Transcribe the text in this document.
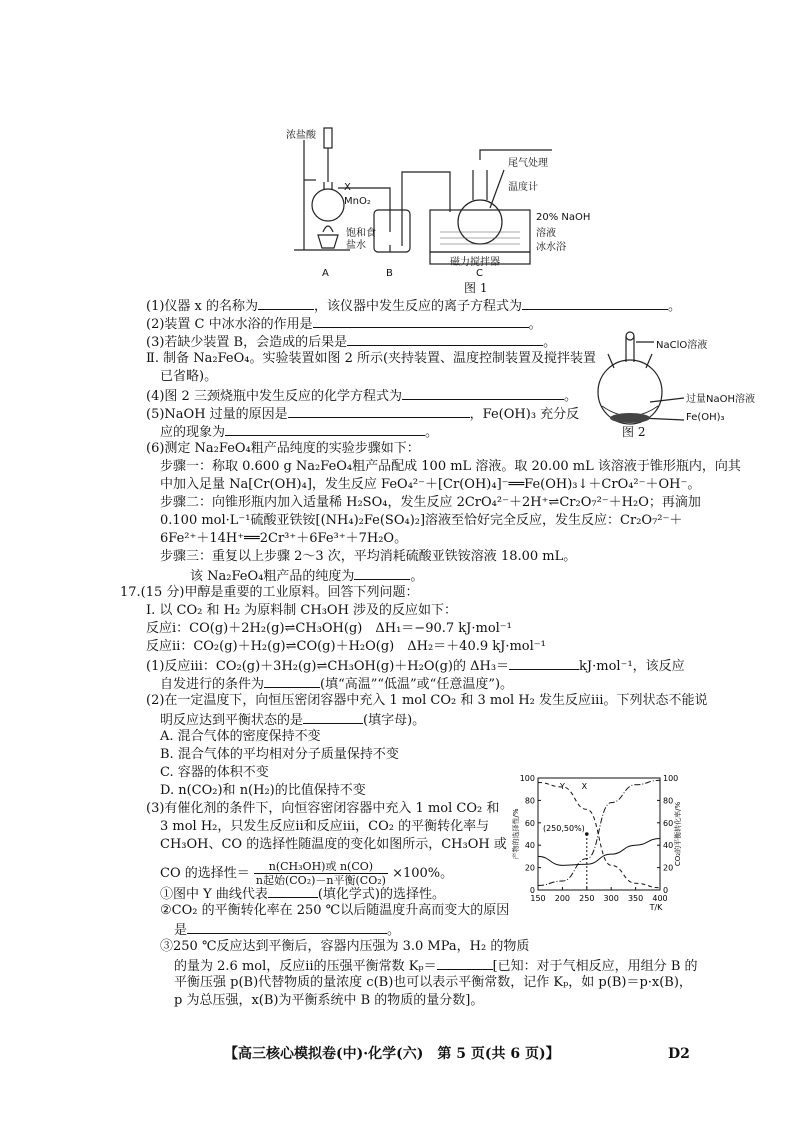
浓盐酸
X
MnO₂
尾气处理
温度计
20% NaOH
溶液
冰水浴
饱和食
盐水
磁力搅拌器
A	B	C
图 1
(1)仪器 x 的名称为	，该仪器中发生反应的离子方程式为	。
(2)装置 C 中冰水浴的作用是	。
(3)若缺少装置 B，会造成的后果是	。
Ⅱ. 制备 Na₂FeO₄。实验装置如图 2 所示(夹持装置、温度控制装置及搅拌装置
已省略)。
NaClO溶液
过量NaOH溶液
Fe(OH)₃
图 2
(4)图 2 三颈烧瓶中发生反应的化学方程式为	。
(5)NaOH 过量的原因是	，Fe(OH)₃ 充分反
应的现象为	。
(6)测定 Na₂FeO₄粗产品纯度的实验步骤如下：
步骤一：称取 0.600 g Na₂FeO₄粗产品配成 100 mL 溶液。取 20.00 mL 该溶液于锥形瓶内，向其
中加入足量 Na[Cr(OH)₄]，发生反应 FeO₄²⁻＋[Cr(OH)₄]⁻══Fe(OH)₃↓＋CrO₄²⁻＋OH⁻。
步骤二：向锥形瓶内加入适量稀 H₂SO₄，发生反应 2CrO₄²⁻＋2H⁺⇌Cr₂O₇²⁻＋H₂O；再滴加
0.100 mol·L⁻¹硫酸亚铁铵[(NH₄)₂Fe(SO₄)₂]溶液至恰好完全反应，发生反应：Cr₂O₇²⁻＋
6Fe²⁺＋14H⁺══2Cr³⁺＋6Fe³⁺＋7H₂O。
步骤三：重复以上步骤 2～3 次，平均消耗硫酸亚铁铵溶液 18.00 mL。
该 Na₂FeO₄粗产品的纯度为	。
17.(15 分)甲醇是重要的工业原料。回答下列问题：
Ⅰ. 以 CO₂ 和 H₂ 为原料制 CH₃OH 涉及的反应如下：
反应ⅰ：CO(g)＋2H₂(g)⇌CH₃OH(g)　ΔH₁＝−90.7 kJ·mol⁻¹
反应ⅱ：CO₂(g)＋H₂(g)⇌CO(g)＋H₂O(g)　ΔH₂＝＋40.9 kJ·mol⁻¹
(1)反应ⅲ：CO₂(g)＋3H₂(g)⇌CH₃OH(g)＋H₂O(g)的 ΔH₃＝	kJ·mol⁻¹，该反应
自发进行的条件为	(填“高温”“低温”或“任意温度”)。
(2)在一定温度下，向恒压密闭容器中充入 1 mol CO₂ 和 3 mol H₂ 发生反应ⅲ。下列状态不能说
明反应达到平衡状态的是	(填字母)。
A. 混合气体的密度保持不变
B. 混合气体的平均相对分子质量保持不变
C. 容器的体积不变
D. n(CO₂)和 n(H₂)的比值保持不变
(3)有催化剂的条件下，向恒容密闭容器中充入 1 mol CO₂ 和
3 mol H₂，只发生反应ⅱ和反应ⅲ，CO₂ 的平衡转化率与
CH₃OH、CO 的选择性随温度的变化如图所示，CH₃OH 或
CO 的选择性＝	n(CH₃OH)或 n(CO)
n起始(CO₂)－n平衡(CO₂) ×100%。
①图中 Y 曲线代表	(填化学式)的选择性。
②CO₂ 的平衡转化率在 250 ℃以后随温度升高而变大的原因
是	。
③250 ℃反应达到平衡后，容器内压强为 3.0 MPa，H₂ 的物质
的量为 2.6 mol，反应ⅱ的压强平衡常数 Kₚ＝	[已知：对于气相反应，用组分 B 的
平衡压强 p(B)代替物质的量浓度 c(B)也可以表示平衡常数，记作 Kₚ，如 p(B)＝p·x(B)，
p 为总压强，x(B)为平衡系统中 B 的物质的量分数]。
150 200 250 300 350 400
0	0
20	20
40	40
60	60
80	80
100	100
T/K
产物的选择性/%	CO₂的平衡转化率/%
Y X
(250,50%)
【高三核心模拟卷(中)·化学(六)　第 5 页(共 6 页)】	D2
